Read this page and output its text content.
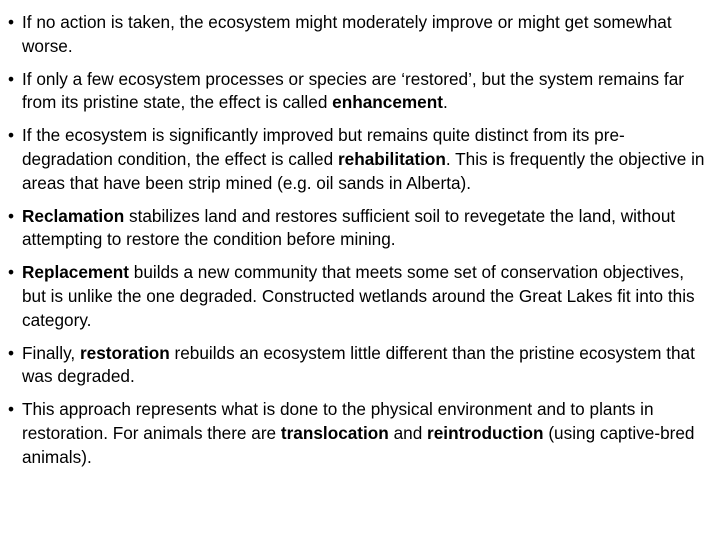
• If no action is taken, the ecosystem might moderately improve or might get somewhat worse.
• If only a few ecosystem processes or species are ‘restored’, but the system remains far from its pristine state, the effect is called enhancement.
• If the ecosystem is significantly improved but remains quite distinct from its pre-degradation condition, the effect is called rehabilitation. This is frequently the objective in areas that have been strip mined (e.g. oil sands in Alberta).
• Reclamation stabilizes land and restores sufficient soil to revegetate the land, without attempting to restore the condition before mining.
• Replacement builds a new community that meets some set of conservation objectives, but is unlike the one degraded. Constructed wetlands around the Great Lakes fit into this category.
• Finally, restoration rebuilds an ecosystem little different than the pristine ecosystem that was degraded.
• This approach represents what is done to the physical environment and to plants in restoration. For animals there are translocation and reintroduction (using captive-bred animals).
